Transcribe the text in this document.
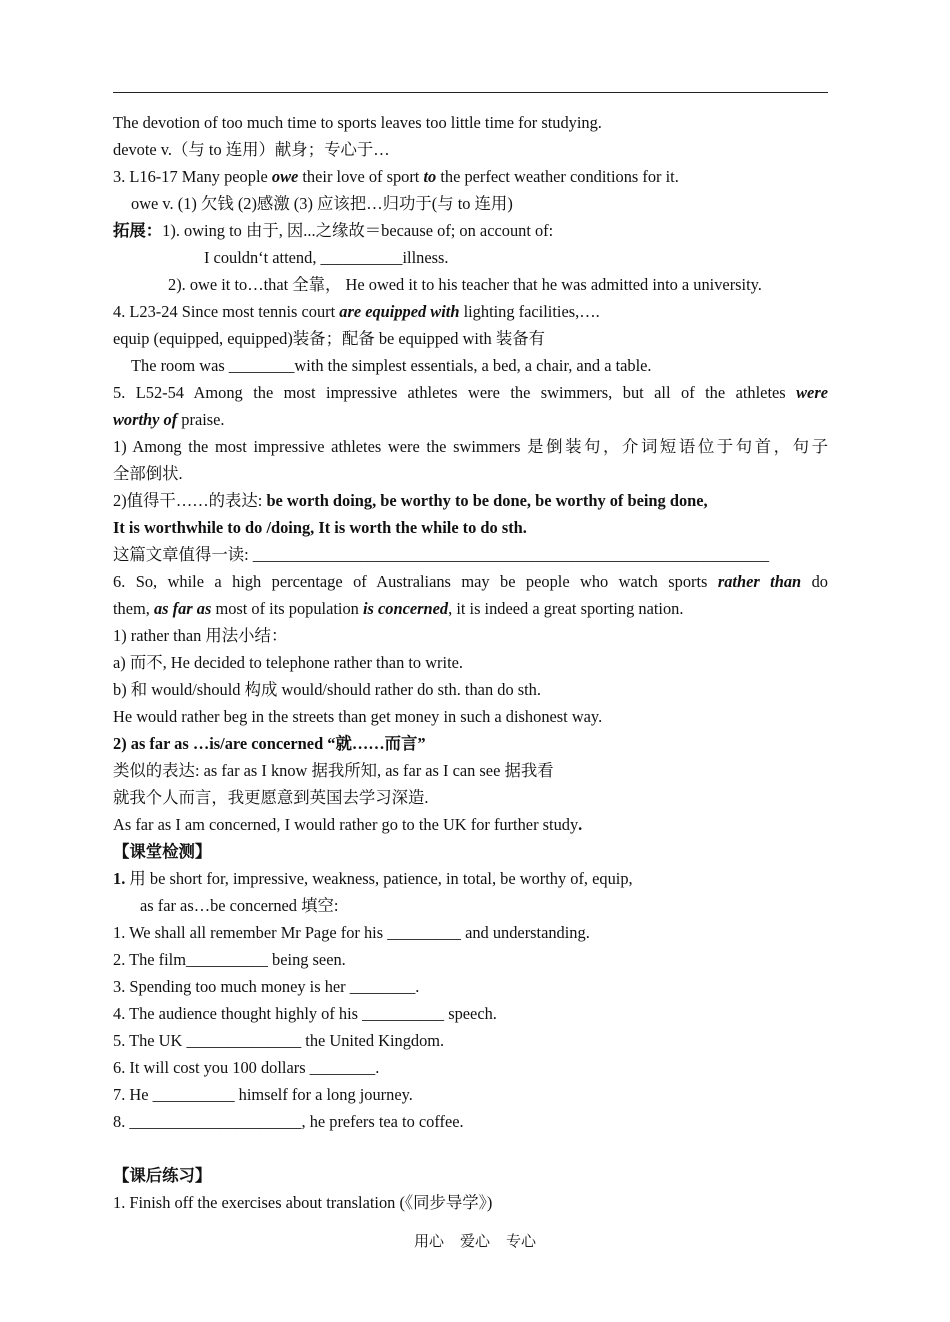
The devotion of too much time to sports leaves too little time for studying.
devote v.（与 to 连用）献身；专心于…
3. L16-17 Many people owe their love of sport to the perfect weather conditions for it.
owe v. (1) 欠钱 (2)感激 (3) 应该把…归功于(与 to 连用)
拓展：1). owing to 由于, 因...之缘故＝because of; on account of:
I couldn‘t attend, __________illness.
2). owe it to…that 全靠， He owed it to his teacher that he was admitted into a university.
4. L23-24 Since most tennis court are equipped with lighting facilities,….
equip (equipped, equipped)装备；配备 be equipped with 装备有
The room was ________with the simplest essentials, a bed, a chair, and a table.
5. L52-54 Among the most impressive athletes were the swimmers, but all of the athletes were
worthy of praise.
1) Among the most impressive athletes were the swimmers 是倒装句，介词短语位于句首，句子
全部倒状.
2)值得干……的表达: be worth doing, be worthy to be done, be worthy of being done,
It is worthwhile to do /doing, It is worth the while to do sth.
这篇文章值得一读: _______________________________________________________________
6. So, while a high percentage of Australians may be people who watch sports rather than do
them, as far as most of its population is concerned, it is indeed a great sporting nation.
1) rather than 用法小结：
a) 而不, He decided to telephone rather than to write.
b) 和 would/should 构成 would/should rather do sth. than do sth.
He would rather beg in the streets than get money in such a dishonest way.
2) as far as …is/are concerned “就……而言”
类似的表达: as far as I know 据我所知, as far as I can see 据我看
就我个人而言，我更愿意到英国去学习深造.
As far as I am concerned, I would rather go to the UK for further study.
【课堂检测】
1. 用 be short for, impressive, weakness, patience, in total, be worthy of, equip,
as far as…be concerned 填空:
1. We shall all remember Mr Page for his _________ and understanding.
2. The film__________ being seen.
3. Spending too much money is her ________.
4. The audience thought highly of his __________ speech.
5. The UK ______________ the United Kingdom.
6. It will cost you 100 dollars ________.
7. He __________ himself for a long journey.
8. _____________________, he prefers tea to coffee.
【课后练习】
1. Finish off the exercises about translation (《同步导学》)
用心 爱心 专心
